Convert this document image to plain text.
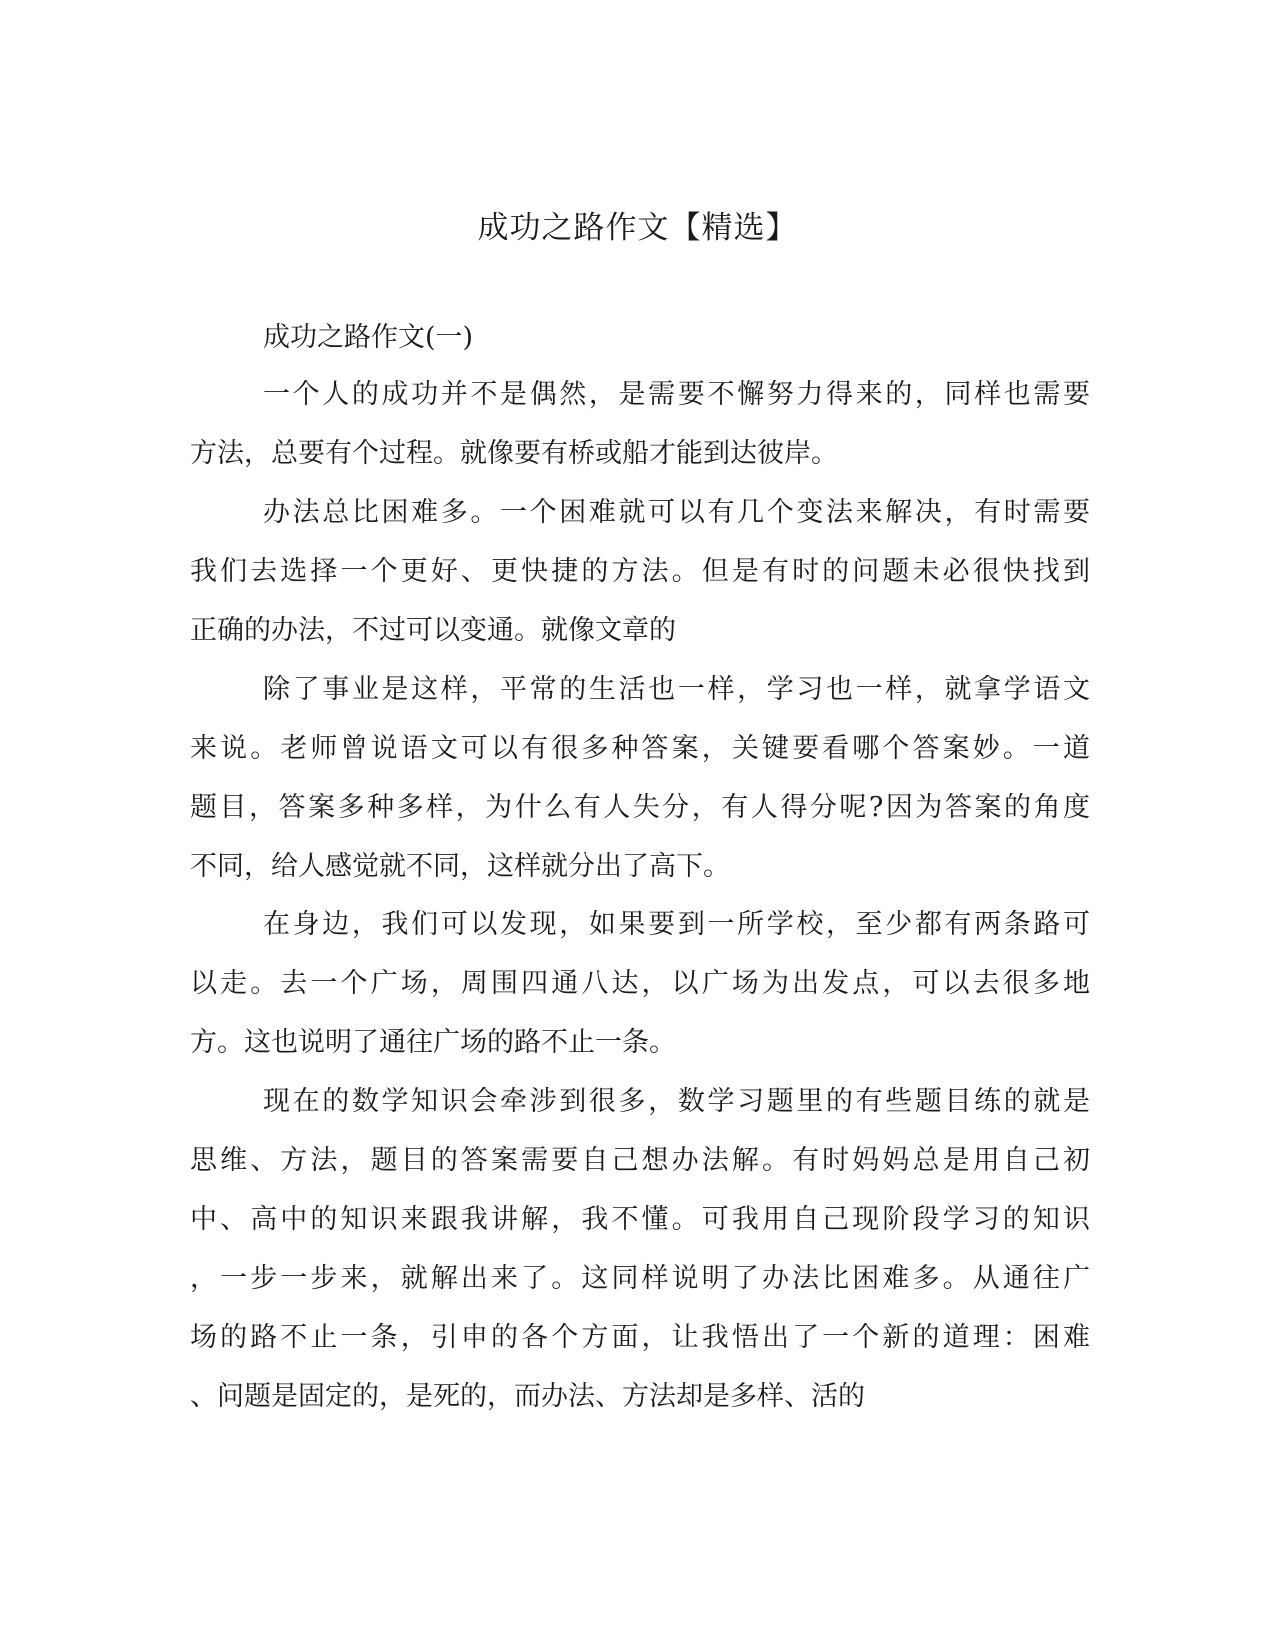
成功之路作文【精选】

成功之路作文(一)

一个人的成功并不是偶然，是需要不懈努力得来的，同样也需要

方法，总要有个过程。就像要有桥或船才能到达彼岸。

办法总比困难多。一个困难就可以有几个变法来解决，有时需要

我们去选择一个更好、更快捷的方法。但是有时的问题未必很快找到

正确的办法，不过可以变通。就像文章的

除了事业是这样，平常的生活也一样，学习也一样，就拿学语文

来说。老师曾说语文可以有很多种答案，关键要看哪个答案妙。一道

题目，答案多种多样，为什么有人失分，有人得分呢?因为答案的角度

不同，给人感觉就不同，这样就分出了高下。

在身边，我们可以发现，如果要到一所学校，至少都有两条路可

以走。去一个广场，周围四通八达，以广场为出发点，可以去很多地

方。这也说明了通往广场的路不止一条。

现在的数学知识会牵涉到很多，数学习题里的有些题目练的就是

思维、方法，题目的答案需要自己想办法解。有时妈妈总是用自己初

中、高中的知识来跟我讲解，我不懂。可我用自己现阶段学习的知识

，一步一步来，就解出来了。这同样说明了办法比困难多。从通往广

场的路不止一条，引申的各个方面，让我悟出了一个新的道理：困难

、问题是固定的，是死的，而办法、方法却是多样、活的
